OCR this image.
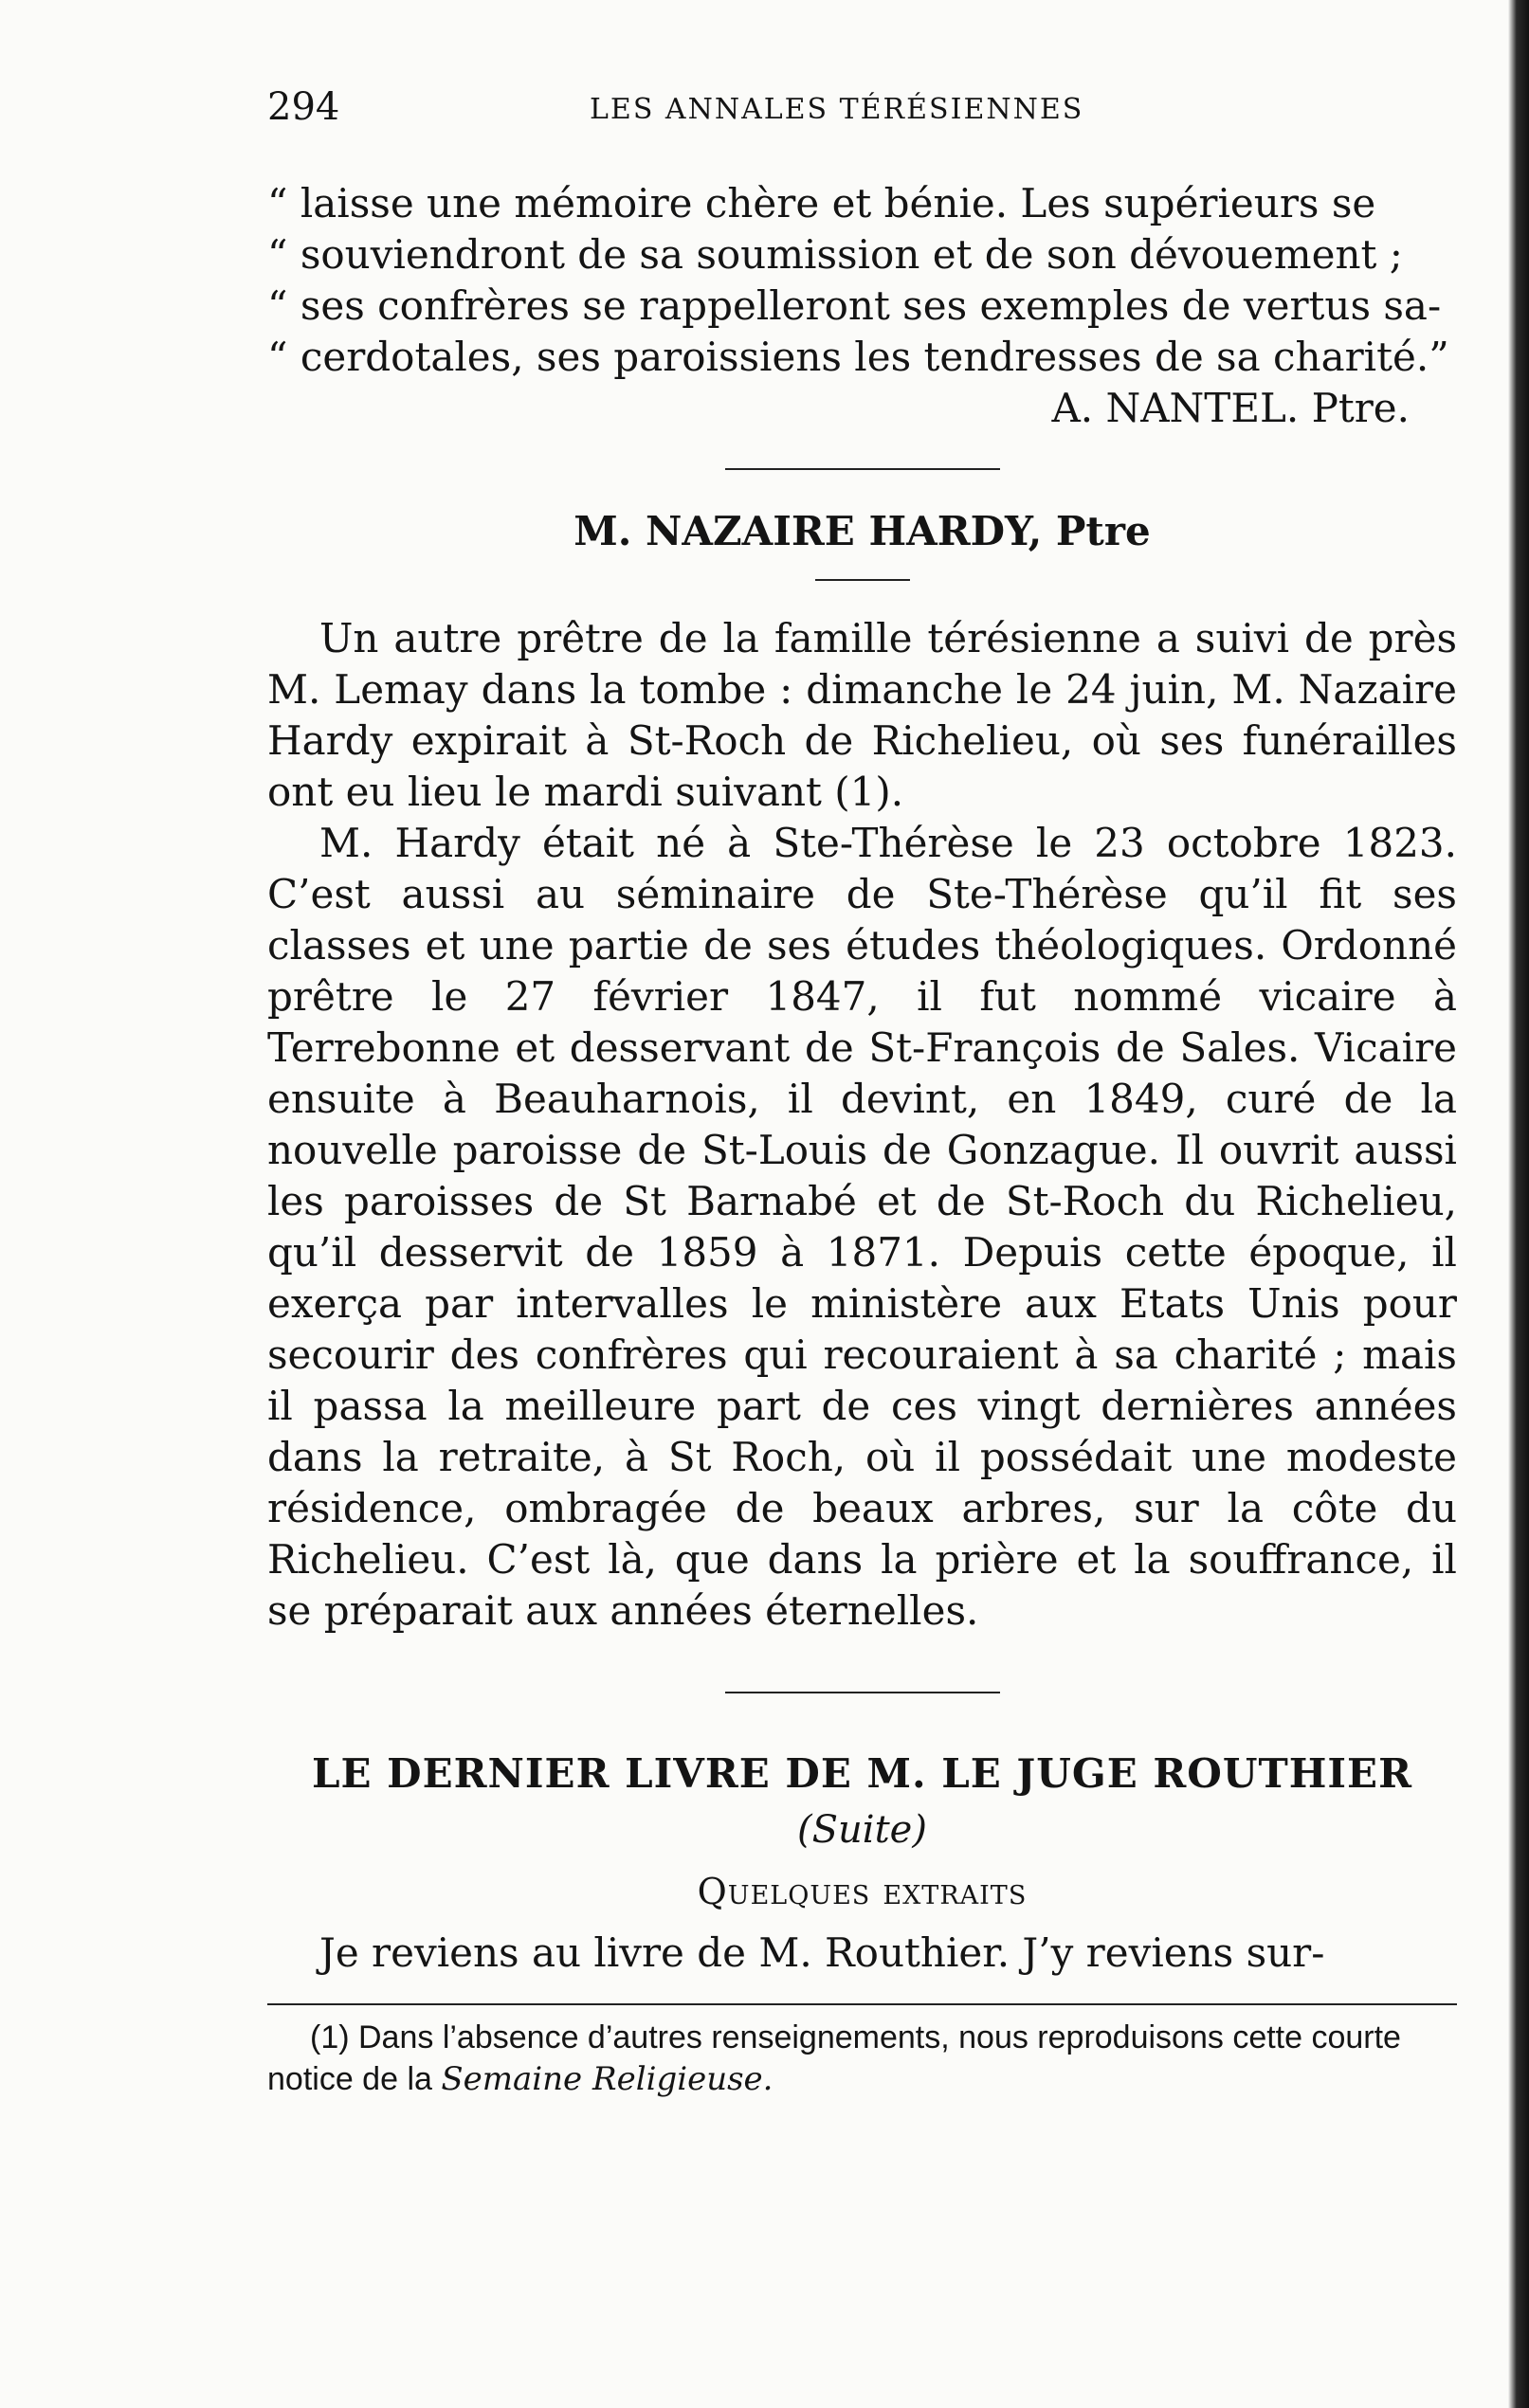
294	LES ANNALES TÉRÉSIENNES

“ laisse une mémoire chère et bénie. Les supérieurs se

“ souviendront de sa soumission et de son dévouement ;

“ ses confrères se rappelleront ses exemples de vertus sa-

“ cerdotales, ses paroissiens les tendresses de sa charité.”

A. NANTEL. Ptre.
M. NAZAIRE HARDY, Ptre

Un autre prêtre de la famille térésienne a suivi de près M. Lemay dans la tombe : dimanche le 24 juin, M. Nazaire Hardy expirait à St-Roch de Richelieu, où ses funérailles ont eu lieu le mardi suivant (1).

M. Hardy était né à Ste-Thérèse le 23 octobre 1823. C’est aussi au séminaire de Ste-Thérèse qu’il fit ses classes et une partie de ses études théologiques. Ordonné prêtre le 27 février 1847, il fut nommé vicaire à Terrebonne et desservant de St-François de Sales. Vicaire ensuite à Beauharnois, il devint, en 1849, curé de la nouvelle paroisse de St-Louis de Gonzague. Il ouvrit aussi les paroisses de St Barnabé et de St-Roch du Richelieu, qu’il desservit de 1859 à 1871. Depuis cette époque, il exerça par intervalles le ministère aux Etats Unis pour secourir des confrères qui recouraient à sa charité ; mais il passa la meilleure part de ces vingt dernières années dans la retraite, à St Roch, où il possédait une modeste résidence, ombragée de beaux arbres, sur la côte du Richelieu. C’est là, que dans la prière et la souffrance, il se préparait aux années éternelles.

LE DERNIER LIVRE DE M. LE JUGE ROUTHIER
(Suite)
Quelques extraits

Je reviens au livre de M. Routhier. J’y reviens sur-

(1) Dans l’absence d’autres renseignements, nous reproduisons cette courte notice de la Semaine Religieuse.
